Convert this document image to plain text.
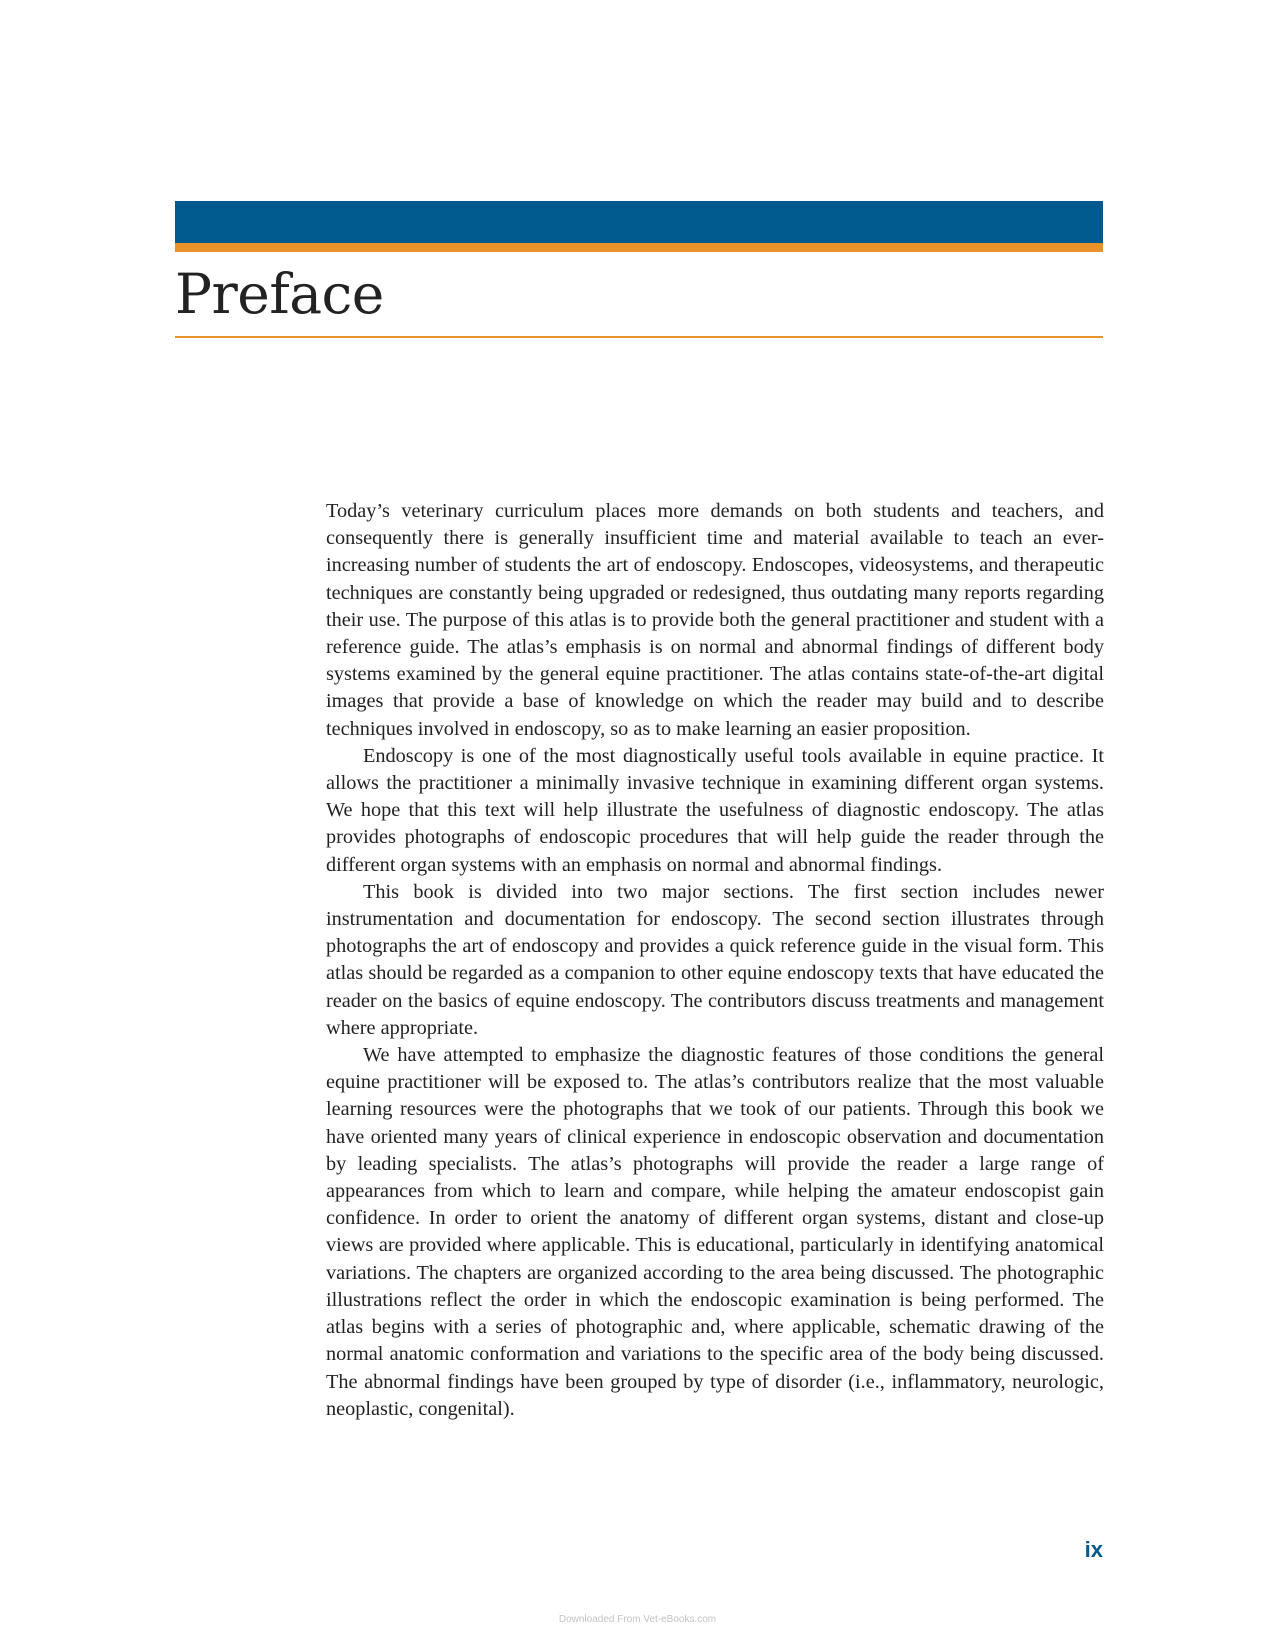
Preface

Today’s veterinary curriculum places more demands on both students and teachers, and consequently there is generally insufficient time and material available to teach an ever-increasing number of students the art of endoscopy. Endoscopes, videosystems, and therapeutic techniques are constantly being upgraded or redesigned, thus outdating many reports regarding their use. The purpose of this atlas is to provide both the general practitioner and student with a reference guide. The atlas’s emphasis is on normal and abnormal findings of different body systems examined by the general equine practitioner. The atlas contains state-of-the-art digital images that provide a base of knowledge on which the reader may build and to describe techniques involved in endoscopy, so as to make learning an easier proposition.

Endoscopy is one of the most diagnostically useful tools available in equine practice. It allows the practitioner a minimally invasive technique in examining different organ systems. We hope that this text will help illustrate the usefulness of diagnostic endoscopy. The atlas provides photographs of endoscopic procedures that will help guide the reader through the different organ systems with an emphasis on normal and abnormal findings.

This book is divided into two major sections. The first section includes newer instrumentation and documentation for endoscopy. The second section illustrates through photographs the art of endoscopy and provides a quick reference guide in the visual form. This atlas should be regarded as a companion to other equine endoscopy texts that have educated the reader on the basics of equine endoscopy. The contributors discuss treatments and management where appropriate.

We have attempted to emphasize the diagnostic features of those conditions the general equine practitioner will be exposed to. The atlas’s contributors realize that the most valuable learning resources were the photographs that we took of our patients. Through this book we have oriented many years of clinical experience in endoscopic observation and documentation by leading specialists. The atlas’s photographs will provide the reader a large range of appearances from which to learn and compare, while helping the amateur endoscopist gain confidence. In order to orient the anatomy of different organ systems, distant and close-up views are provided where applicable. This is educational, particularly in identifying anatomical variations. The chapters are organized according to the area being discussed. The photographic illustrations reflect the order in which the endoscopic examination is being performed. The atlas begins with a series of photographic and, where applicable, schematic drawing of the normal anatomic conformation and variations to the specific area of the body being discussed. The abnormal findings have been grouped by type of disorder (i.e., inflammatory, neurologic, neoplastic, congenital).

ix
Downloaded From Vet-eBooks.com
